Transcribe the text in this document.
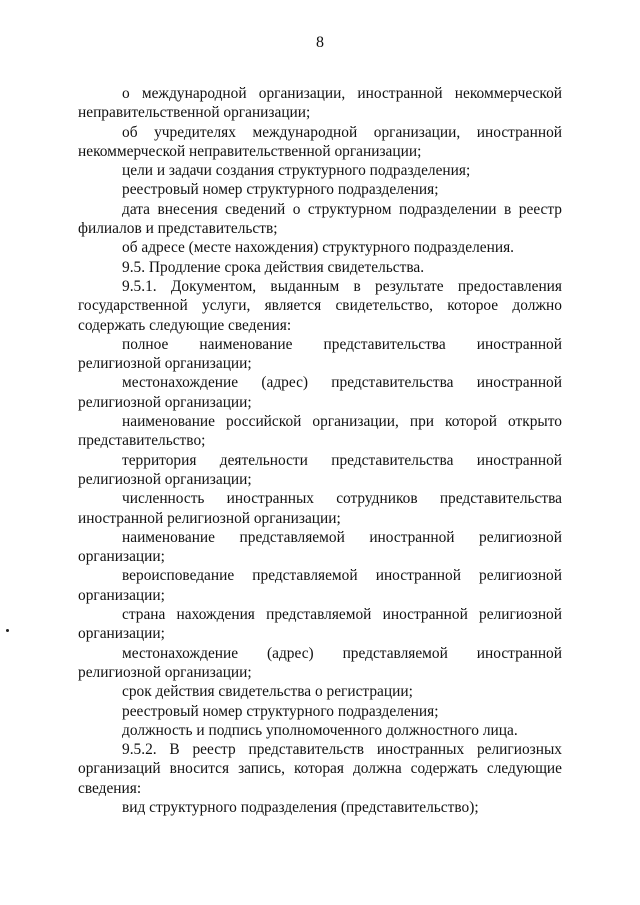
8

о международной организации, иностранной некоммерческой неправительственной организации;

об учредителях международной организации, иностранной некоммерческой неправительственной организации;

цели и задачи создания структурного подразделения;

реестровый номер структурного подразделения;

дата внесения сведений о структурном подразделении в реестр филиалов и представительств;

об адресе (месте нахождения) структурного подразделения.

9.5. Продление срока действия свидетельства.

9.5.1. Документом, выданным в результате предоставления государственной услуги, является свидетельство, которое должно содержать следующие сведения:

полное наименование представительства иностранной религиозной организации;

местонахождение (адрес) представительства иностранной религиозной организации;

наименование российской организации, при которой открыто представительство;

территория деятельности представительства иностранной религиозной организации;

численность иностранных сотрудников представительства иностранной религиозной организации;

наименование представляемой иностранной религиозной организации;

вероисповедание представляемой иностранной религиозной организации;

страна нахождения представляемой иностранной религиозной организации;

местонахождение (адрес) представляемой иностранной религиозной организации;

срок действия свидетельства о регистрации;

реестровый номер структурного подразделения;

должность и подпись уполномоченного должностного лица.

9.5.2. В реестр представительств иностранных религиозных организаций вносится запись, которая должна содержать следующие сведения:

вид структурного подразделения (представительство);
